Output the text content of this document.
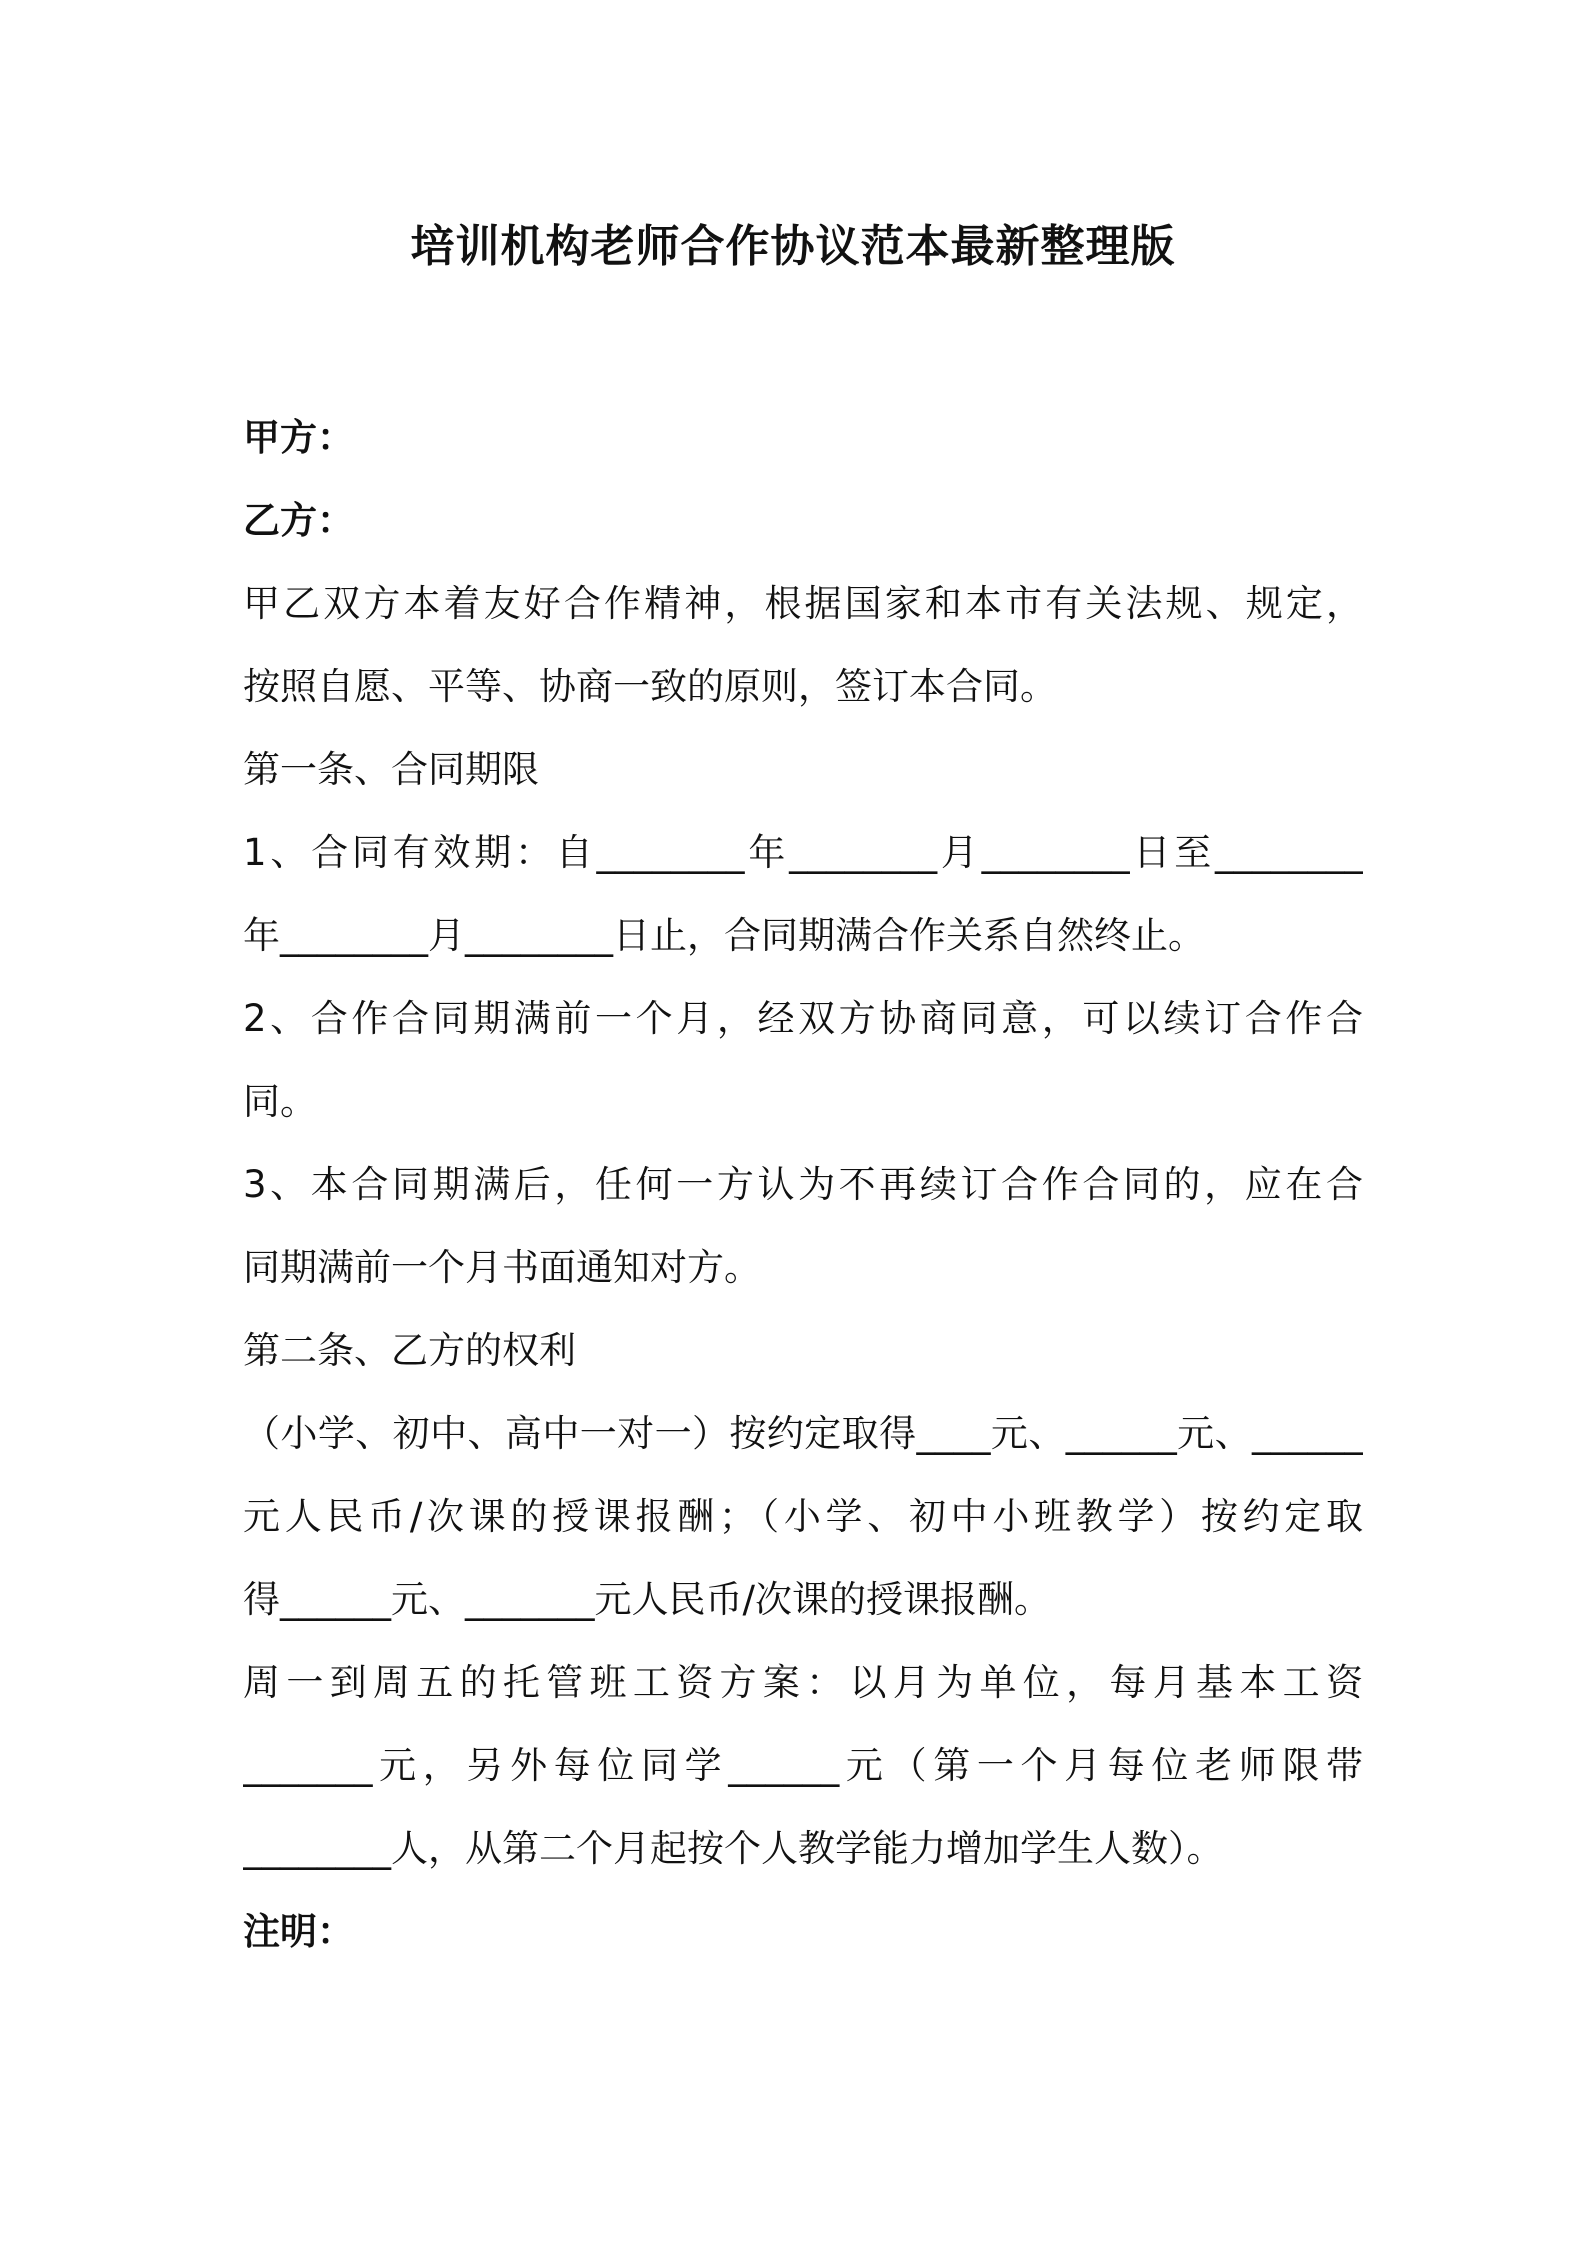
培训机构老师合作协议范本最新整理版
甲方：
乙方：
甲乙双方本着友好合作精神，根据国家和本市有关法规、规定，
按照自愿、平等、协商一致的原则，签订本合同。
第一条、合同期限
1、合同有效期：自________年________月________日至________
年________月________日止，合同期满合作关系自然终止。
2、合作合同期满前一个月，经双方协商同意，可以续订合作合
同。
3、本合同期满后，任何一方认为不再续订合作合同的，应在合
同期满前一个月书面通知对方。
第二条、乙方的权利
（小学、初中、高中一对一）按约定取得____元、______元、______
元人民币/次课的授课报酬；（小学、初中小班教学）按约定取
得______元、_______元人民币/次课的授课报酬。
周一到周五的托管班工资方案：以月为单位，每月基本工资
_______元，另外每位同学______元（第一个月每位老师限带
________人，从第二个月起按个人教学能力增加学生人数）。
注明：
